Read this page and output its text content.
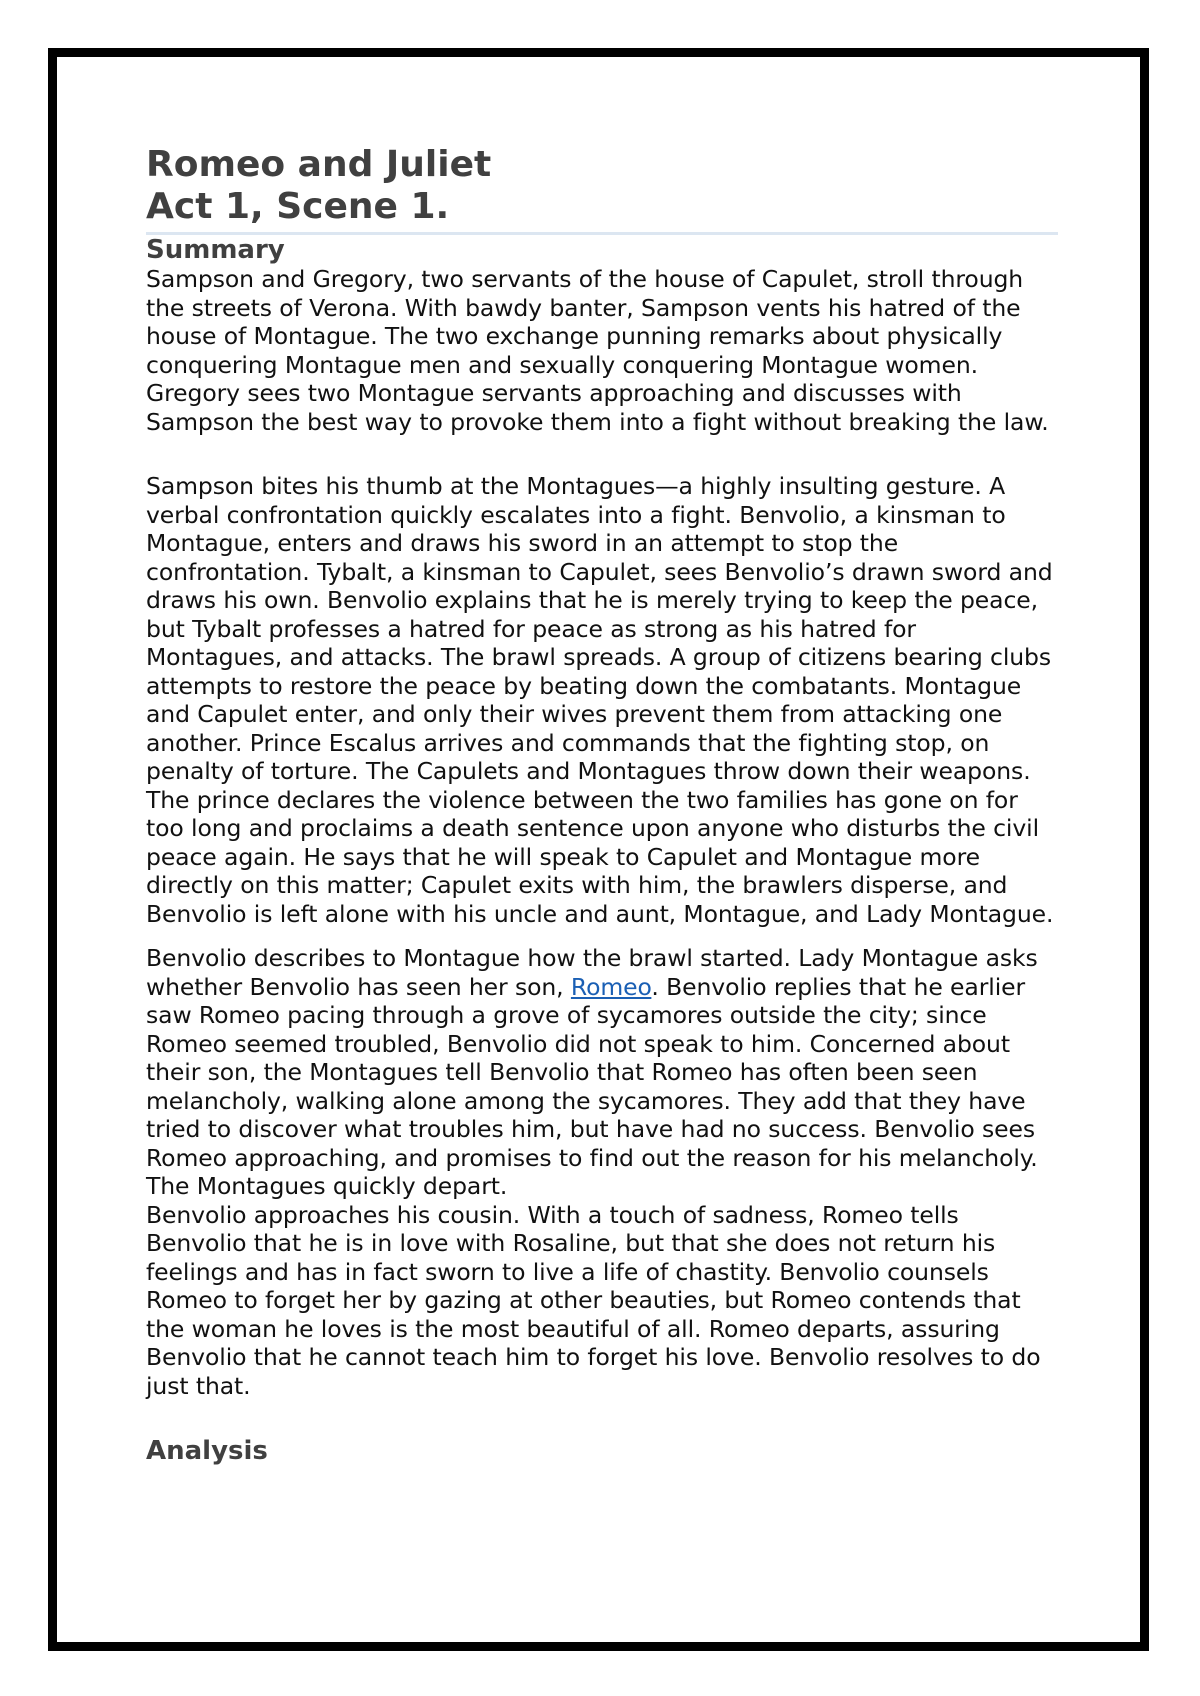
Romeo and Juliet
Act 1, Scene 1.
Summary

Sampson and Gregory, two servants of the house of Capulet, stroll through the streets of Verona. With bawdy banter, Sampson vents his hatred of the house of Montague. The two exchange punning remarks about physically conquering Montague men and sexually conquering Montague women. Gregory sees two Montague servants approaching and discusses with Sampson the best way to provoke them into a fight without breaking the law.

Sampson bites his thumb at the Montagues—a highly insulting gesture. A verbal confrontation quickly escalates into a fight. Benvolio, a kinsman to Montague, enters and draws his sword in an attempt to stop the confrontation. Tybalt, a kinsman to Capulet, sees Benvolio’s drawn sword and draws his own. Benvolio explains that he is merely trying to keep the peace, but Tybalt professes a hatred for peace as strong as his hatred for Montagues, and attacks. The brawl spreads. A group of citizens bearing clubs attempts to restore the peace by beating down the combatants. Montague and Capulet enter, and only their wives prevent them from attacking one another. Prince Escalus arrives and commands that the fighting stop, on penalty of torture. The Capulets and Montagues throw down their weapons. The prince declares the violence between the two families has gone on for too long and proclaims a death sentence upon anyone who disturbs the civil peace again. He says that he will speak to Capulet and Montague more directly on this matter; Capulet exits with him, the brawlers disperse, and Benvolio is left alone with his uncle and aunt, Montague, and Lady Montague.

Benvolio describes to Montague how the brawl started. Lady Montague asks whether Benvolio has seen her son, Romeo. Benvolio replies that he earlier saw Romeo pacing through a grove of sycamores outside the city; since Romeo seemed troubled, Benvolio did not speak to him. Concerned about their son, the Montagues tell Benvolio that Romeo has often been seen melancholy, walking alone among the sycamores. They add that they have tried to discover what troubles him, but have had no success. Benvolio sees Romeo approaching, and promises to find out the reason for his melancholy. The Montagues quickly depart.

Benvolio approaches his cousin. With a touch of sadness, Romeo tells Benvolio that he is in love with Rosaline, but that she does not return his feelings and has in fact sworn to live a life of chastity. Benvolio counsels Romeo to forget her by gazing at other beauties, but Romeo contends that the woman he loves is the most beautiful of all. Romeo departs, assuring Benvolio that he cannot teach him to forget his love. Benvolio resolves to do just that.

Analysis
